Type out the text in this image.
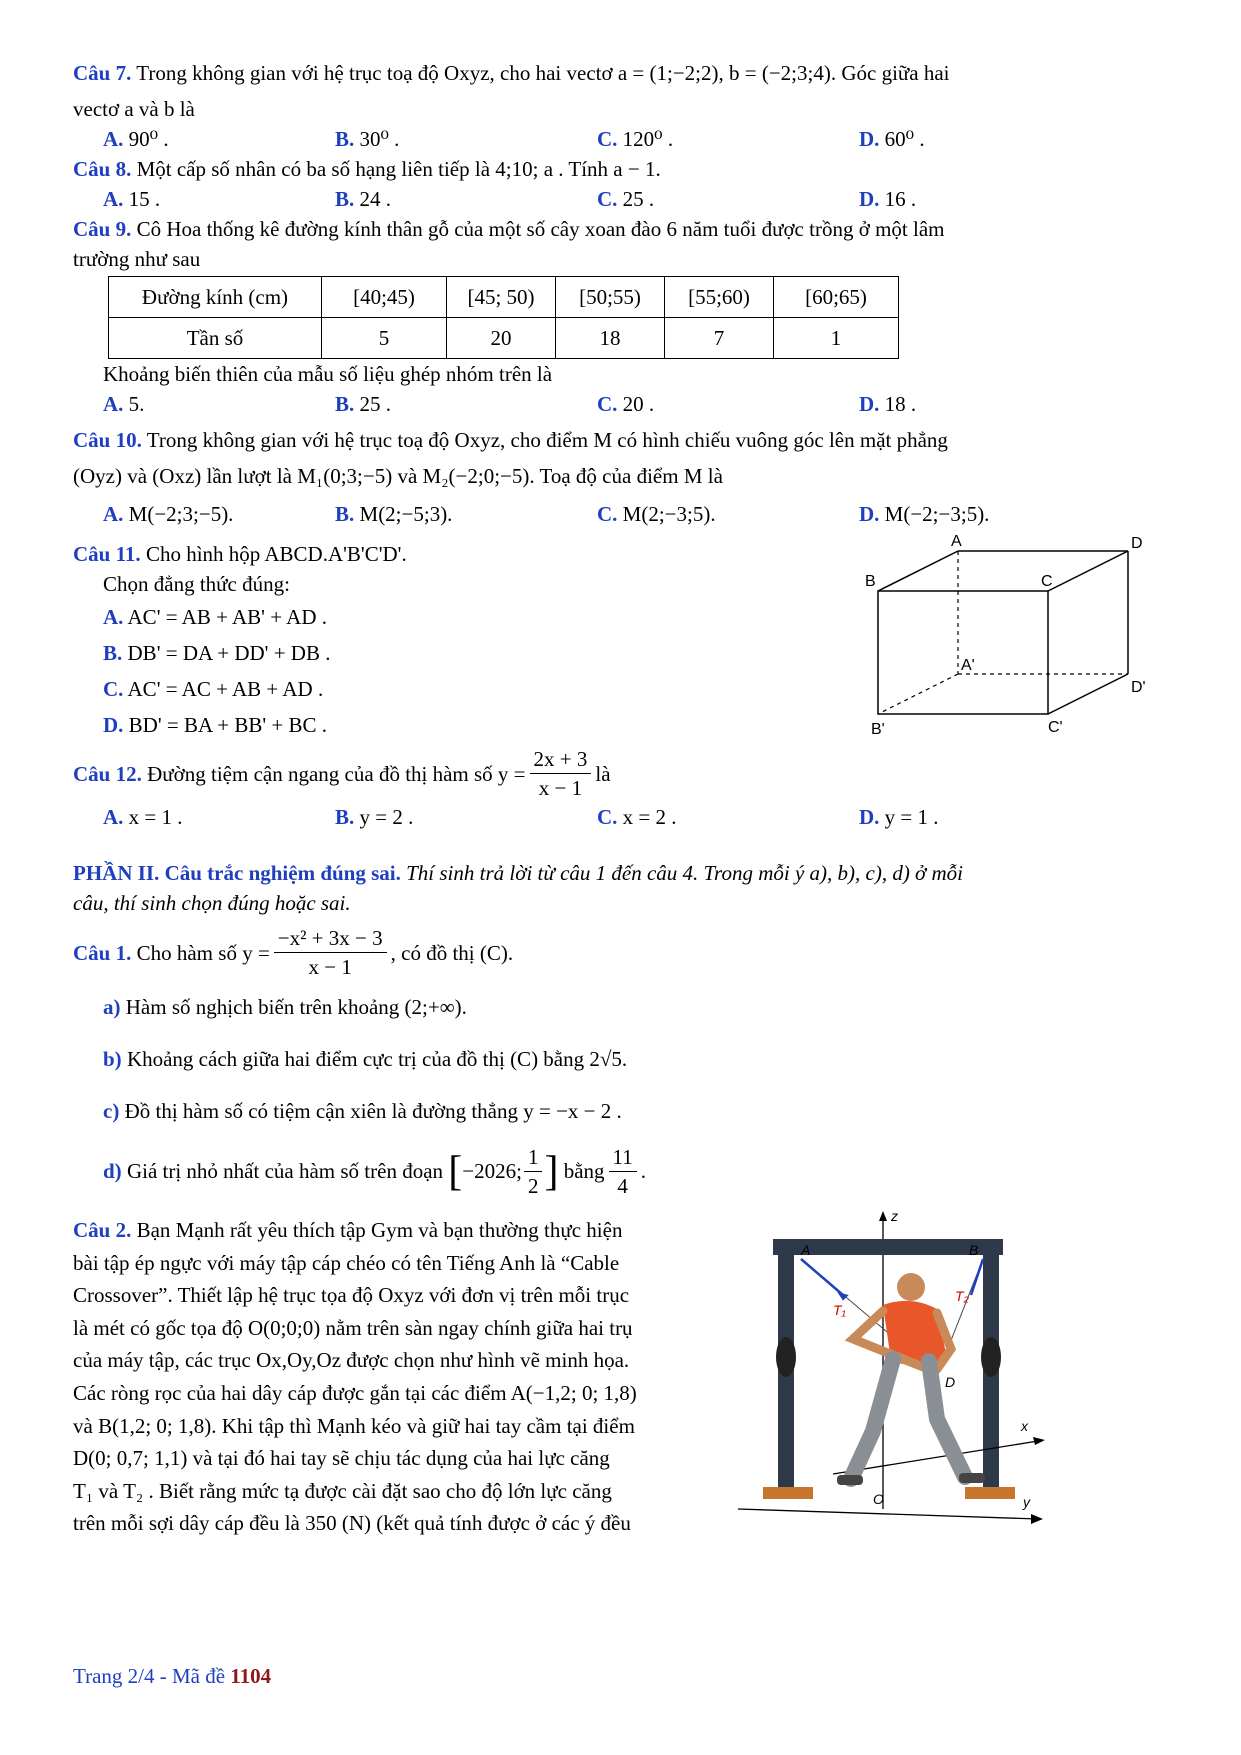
Câu 7. Trong không gian với hệ trục toạ độ Oxyz, cho hai vectơ a = (1;−2;2), b = (−2;3;4). Góc giữa hai
vectơ a và b là
A. 90⁰ .	B. 30⁰ .	C. 120⁰ .	D. 60⁰ .
Câu 8. Một cấp số nhân có ba số hạng liên tiếp là 4;10; a . Tính a − 1.
A. 15 .	B. 24 .	C. 25 .	D. 16 .
Câu 9. Cô Hoa thống kê đường kính thân gỗ của một số cây xoan đào 6 năm tuổi được trồng ở một lâm
trường như sau
Đường kính (cm)	[40;45)	[45; 50)	[50;55)	[55;60)	[60;65)
Tần số	5	20	18	7	1
Khoảng biến thiên của mẫu số liệu ghép nhóm trên là
A. 5.	B. 25 .	C. 20 .	D. 18 .
Câu 10. Trong không gian với hệ trục toạ độ Oxyz, cho điểm M có hình chiếu vuông góc lên mặt phẳng
(Oyz) và (Oxz) lần lượt là M₁(0;3;−5) và M₂(−2;0;−5). Toạ độ của điểm M là
A. M(−2;3;−5).	B. M(2;−5;3).	C. M(2;−3;5).	D. M(−2;−3;5).
Câu 11. Cho hình hộp ABCD.A'B'C'D'.
Chọn đẳng thức đúng:
A. AC' = AB + AB' + AD .
B. DB' = DA + DD' + DB .
C. AC' = AC + AB + AD .
D. BD' = BA + BB' + BC .
A	D
B	C
A'
D'
B'	C'
Câu 12.
Đường tiệm cận ngang của đồ thị hàm số $y = \frac{2x + 3}{x - 1}$ là
A. x = 1 .	B. y = 2 .	C. x = 2 .	D. y = 1 .
PHẦN II. Câu trắc nghiệm đúng sai. Thí sinh trả lời từ câu 1 đến câu 4. Trong mỗi ý a), b), c), d) ở mỗi
câu, thí sinh chọn đúng hoặc sai.
Câu 1.
Cho hàm số $y = \frac{\text{−x² + 3x − 3}}{x - 1}$ , có đồ thị (C).
a) Hàm số nghịch biến trên khoảng (2;+∞).
b) Khoảng cách giữa hai điểm cực trị của đồ thị (C) bằng 2√5.
c) Đồ thị hàm số có tiệm cận xiên là đường thẳng y = −x − 2 .
d)
Giá trị nhỏ nhất của hàm số trên đoạn
[ −2026; $\frac{1}{2}$ ]
bằng $\frac{11}{4}$ .
Câu 2. Bạn Mạnh rất yêu thích tập Gym và bạn thường thực hiện
bài tập ép ngực với máy tập cáp chéo có tên Tiếng Anh là “Cable
Crossover”. Thiết lập hệ trục tọa độ Oxyz với đơn vị trên mỗi trục
là mét có gốc tọa độ O(0;0;0) nằm trên sàn ngay chính giữa hai trụ
của máy tập, các trục Ox,Oy,Oz được chọn như hình vẽ minh họa.
Các ròng rọc của hai dây cáp được gắn tại các điểm A(−1,2; 0; 1,8)
và B(1,2; 0; 1,8). Khi tập thì Mạnh kéo và giữ hai tay cầm tại điểm
D(0; 0,7; 1,1) và tại đó hai tay sẽ chịu tác dụng của hai lực căng
T₁ và T₂ . Biết rằng mức tạ được cài đặt sao cho độ lớn lực căng
trên mỗi sợi dây cáp đều là 350 (N) (kết quả tính được ở các ý đều
z
x
y
O
A	B
T₁
T₂
D
Trang 2/4 - Mã đề 1104
